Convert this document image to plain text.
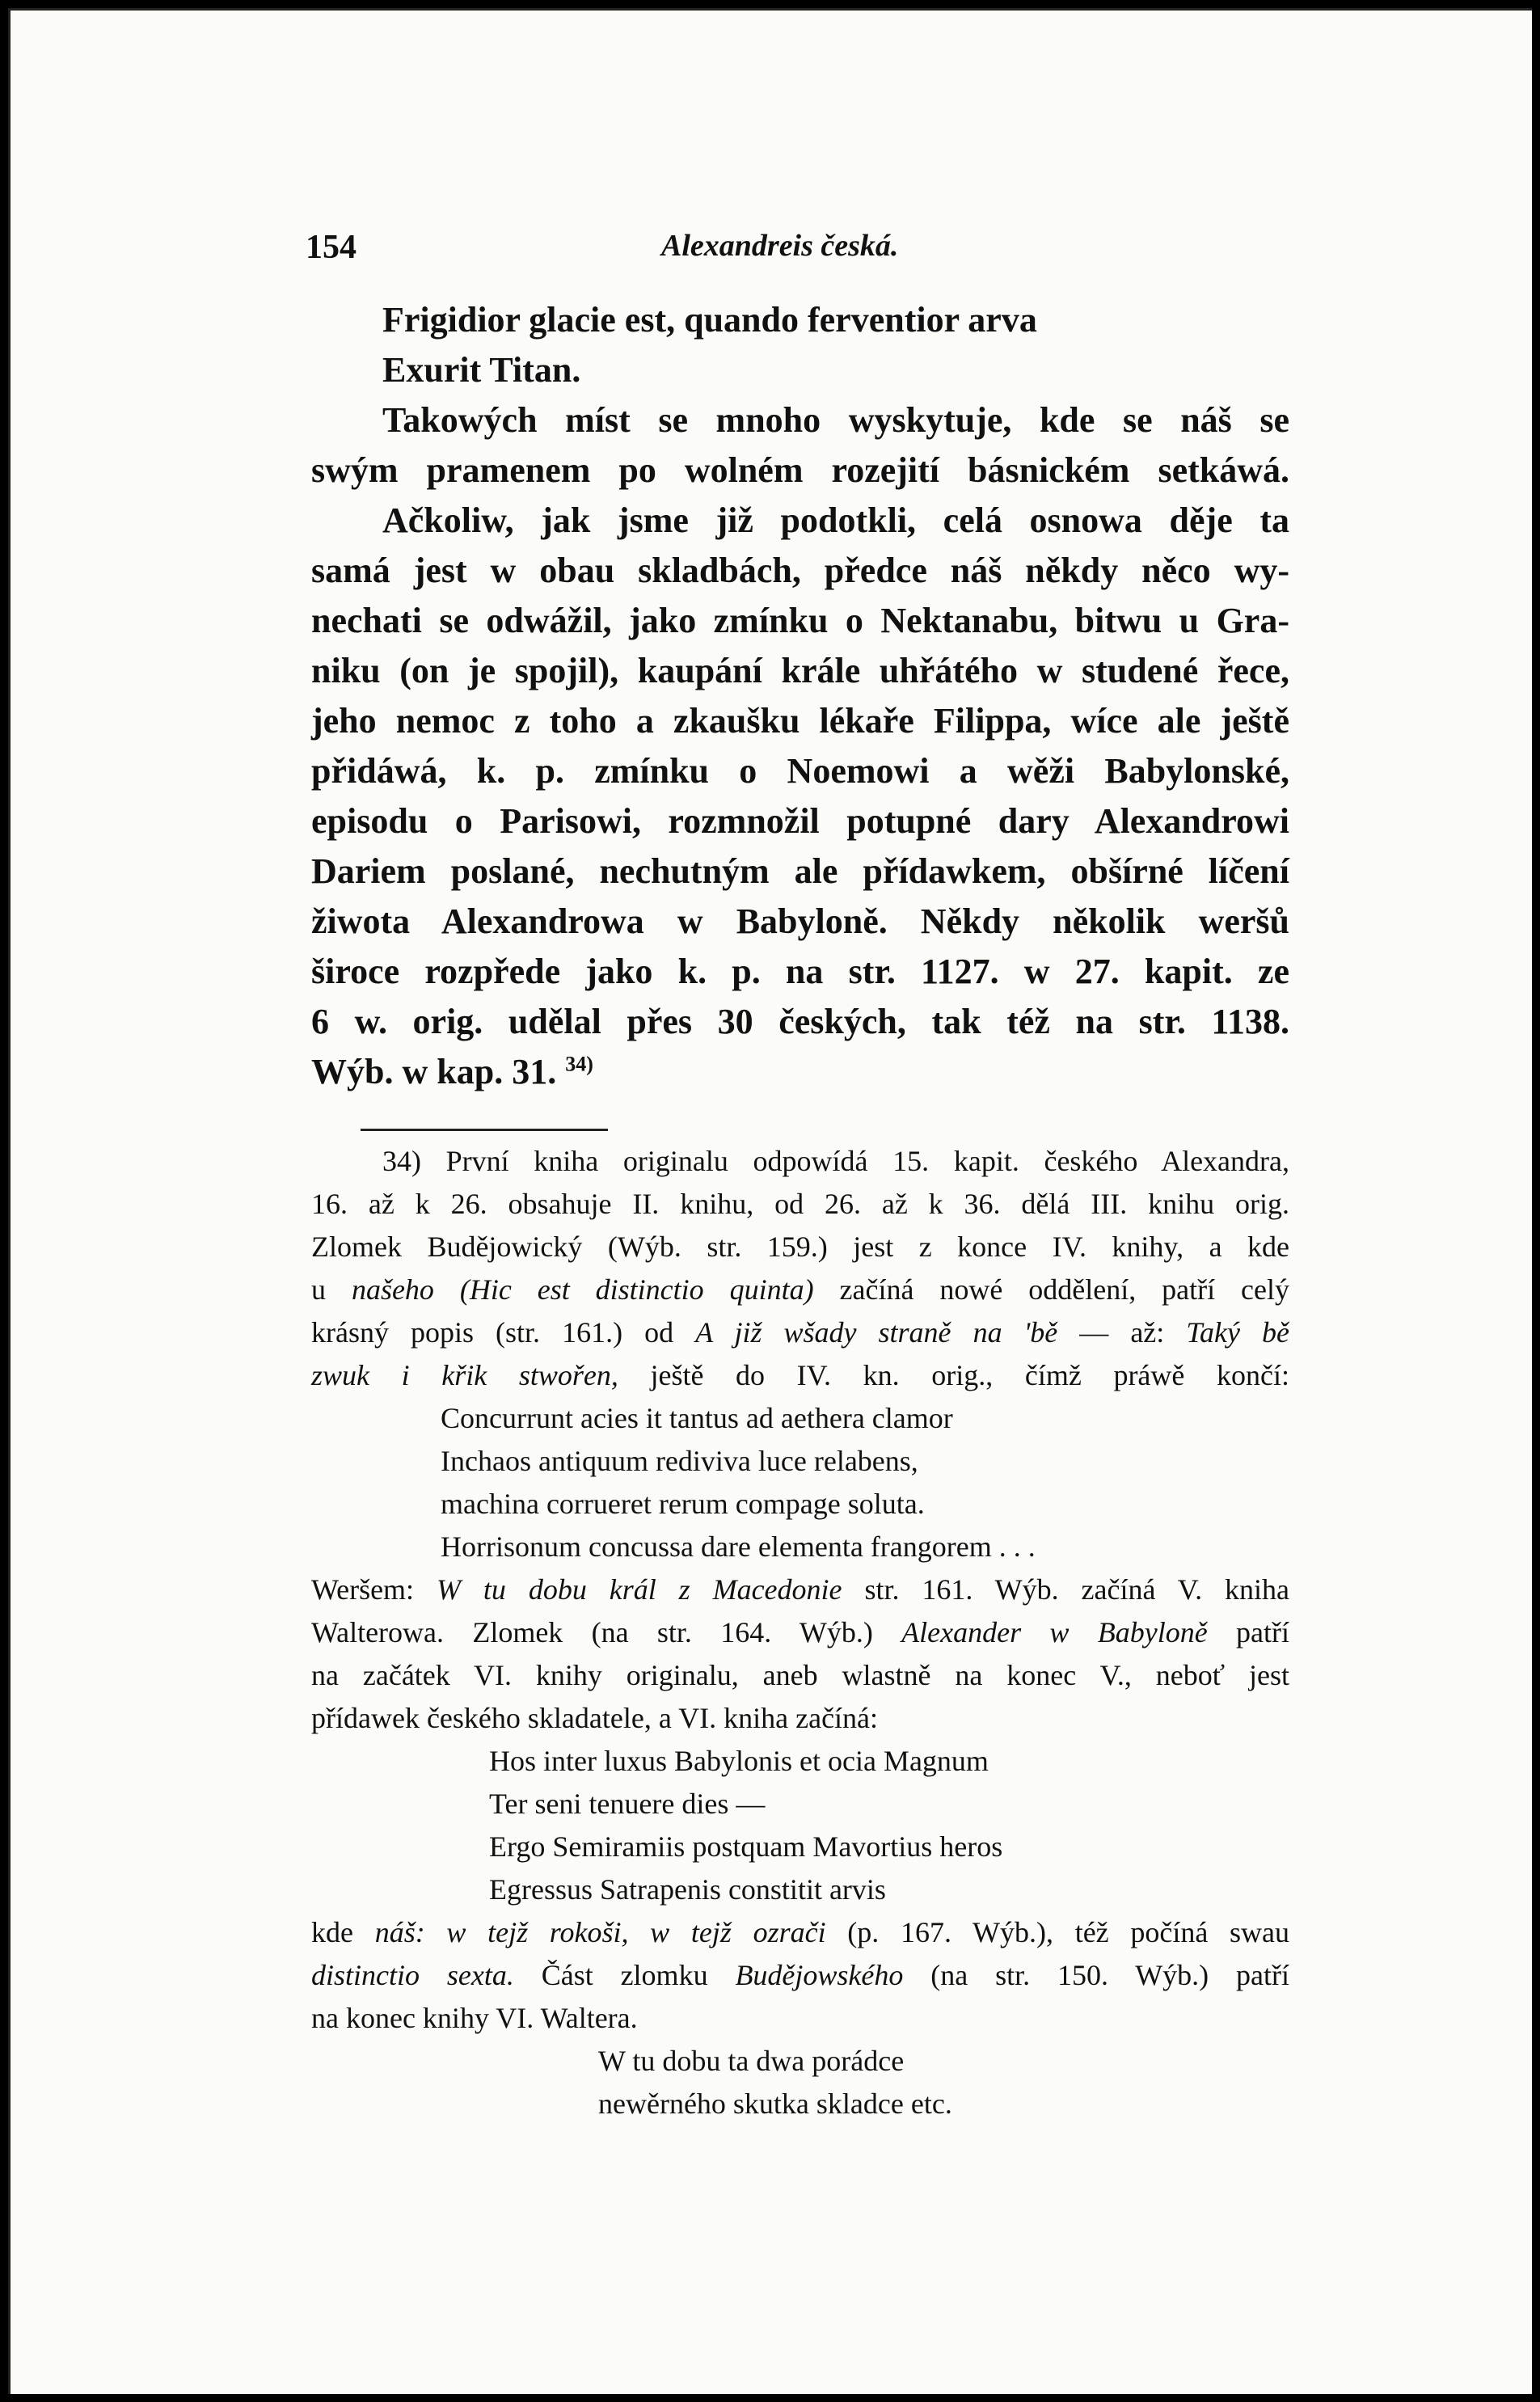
154	Alexandreis česká.
Frigidior glacie est, quando ferventior arva
Exurit Titan.
Takowých míst se mnoho wyskytuje, kde se náš se
swým pramenem po wolném rozejití básnickém setkáwá.
Ačkoliw, jak jsme již podotkli, celá osnowa děje ta
samá jest w obau skladbách, předce náš někdy něco wy-
nechati se odwážil, jako zmínku o Nektanabu, bitwu u Gra-
niku (on je spojil), kaupání krále uhřátého w studené řece,
jeho nemoc z toho a zkaušku lékaře Filippa, wíce ale ještě
přidáwá, k. p. zmínku o Noemowi a wěži Babylonské,
episodu o Parisowi, rozmnožil potupné dary Alexandrowi
Dariem poslané, nechutným ale přídawkem, obšírné líčení
žiwota Alexandrowa w Babyloně. Někdy několik weršů
široce rozpřede jako k. p. na str. 1127. w 27. kapit. ze
6 w. orig. udělal přes 30 českých, tak též na str. 1138.
Wýb. w kap. 31. $^{34)}$
34) První kniha originalu odpowídá 15. kapit. českého Alexandra,
16. až k 26. obsahuje II. knihu, od 26. až k 36. dělá III. knihu orig.
Zlomek Budějowický (Wýb. str. 159.) jest z konce IV. knihy, a kde
u našeho (Hic est distinctio quinta) začíná nowé oddělení, patří celý
krásný popis (str. 161.) od A již wšady straně na 'bě — až: Taký bě
zwuk i křik stwořen, ještě do IV. kn. orig., čímž práwě končí:
Concurrunt acies it tantus ad aethera clamor
Inchaos antiquum rediviva luce relabens,
machina corrueret rerum compage soluta.
Horrisonum concussa dare elementa frangorem . . .
Weršem: W tu dobu král z Macedonie str. 161. Wýb. začíná V. kniha
Walterowa. Zlomek (na str. 164. Wýb.) Alexander w Babyloně patří
na začátek VI. knihy originalu, aneb wlastně na konec V., neboť jest
přídawek českého skladatele, a VI. kniha začíná:
Hos inter luxus Babylonis et ocia Magnum
Ter seni tenuere dies —
Ergo Semiramiis postquam Mavortius heros
Egressus Satrapenis constitit arvis
kde náš: w tejž rokoši, w tejž ozrači (p. 167. Wýb.), též počíná swau
distinctio sexta. Část zlomku Budějowského (na str. 150. Wýb.) patří
na konec knihy VI. Waltera.
W tu dobu ta dwa porádce
newěrného skutka skladce etc.
